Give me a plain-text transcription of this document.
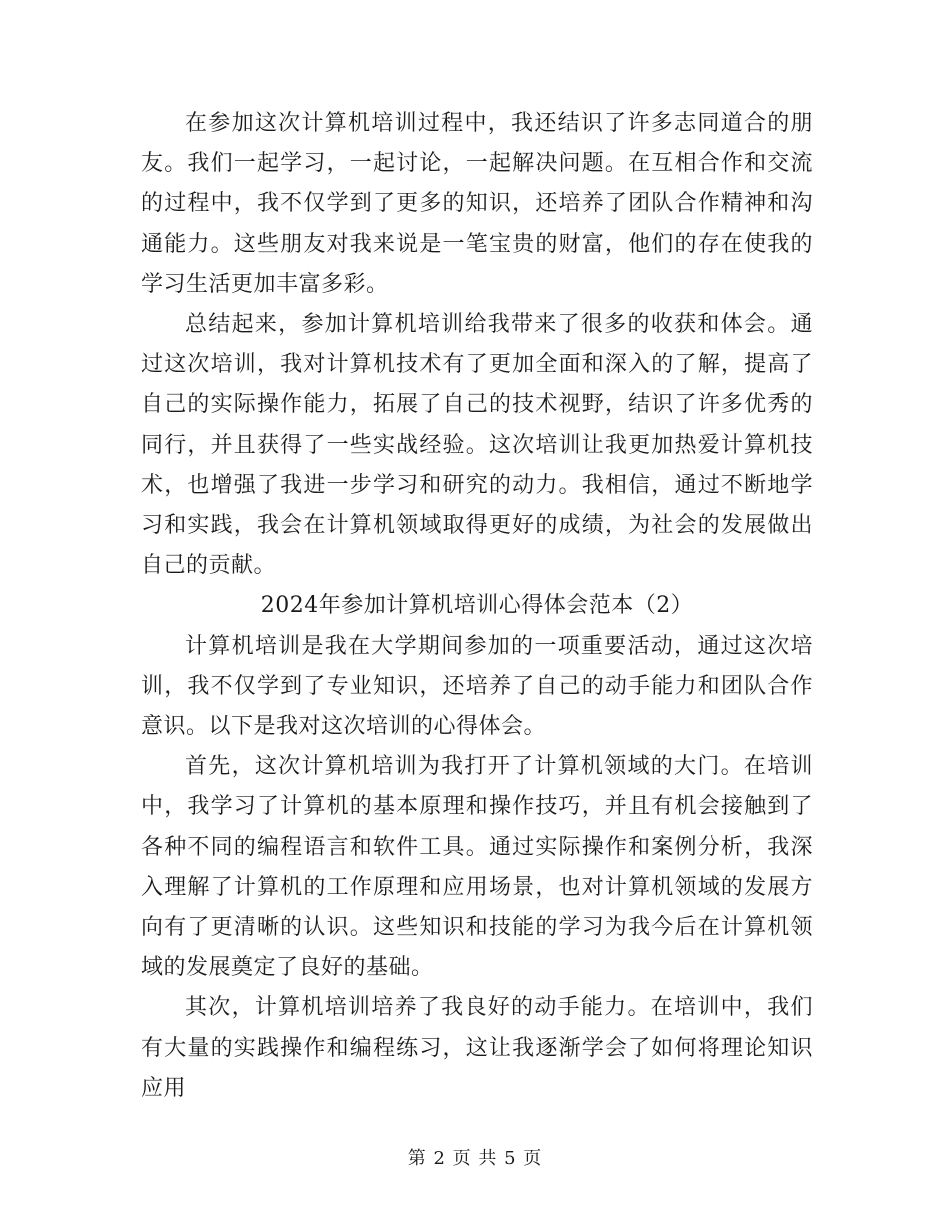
在参加这次计算机培训过程中，我还结识了许多志同道合的朋友。我们一起学习，一起讨论，一起解决问题。在互相合作和交流的过程中，我不仅学到了更多的知识，还培养了团队合作精神和沟通能力。这些朋友对我来说是一笔宝贵的财富，他们的存在使我的学习生活更加丰富多彩。

总结起来，参加计算机培训给我带来了很多的收获和体会。通过这次培训，我对计算机技术有了更加全面和深入的了解，提高了自己的实际操作能力，拓展了自己的技术视野，结识了许多优秀的同行，并且获得了一些实战经验。这次培训让我更加热爱计算机技术，也增强了我进一步学习和研究的动力。我相信，通过不断地学习和实践，我会在计算机领域取得更好的成绩，为社会的发展做出自己的贡献。

2024年参加计算机培训心得体会范本（2）

计算机培训是我在大学期间参加的一项重要活动，通过这次培训，我不仅学到了专业知识，还培养了自己的动手能力和团队合作意识。以下是我对这次培训的心得体会。

首先，这次计算机培训为我打开了计算机领域的大门。在培训中，我学习了计算机的基本原理和操作技巧，并且有机会接触到了各种不同的编程语言和软件工具。通过实际操作和案例分析，我深入理解了计算机的工作原理和应用场景，也对计算机领域的发展方向有了更清晰的认识。这些知识和技能的学习为我今后在计算机领域的发展奠定了良好的基础。

其次，计算机培训培养了我良好的动手能力。在培训中，我们有大量的实践操作和编程练习，这让我逐渐学会了如何将理论知识应用

第 2 页 共 5 页
